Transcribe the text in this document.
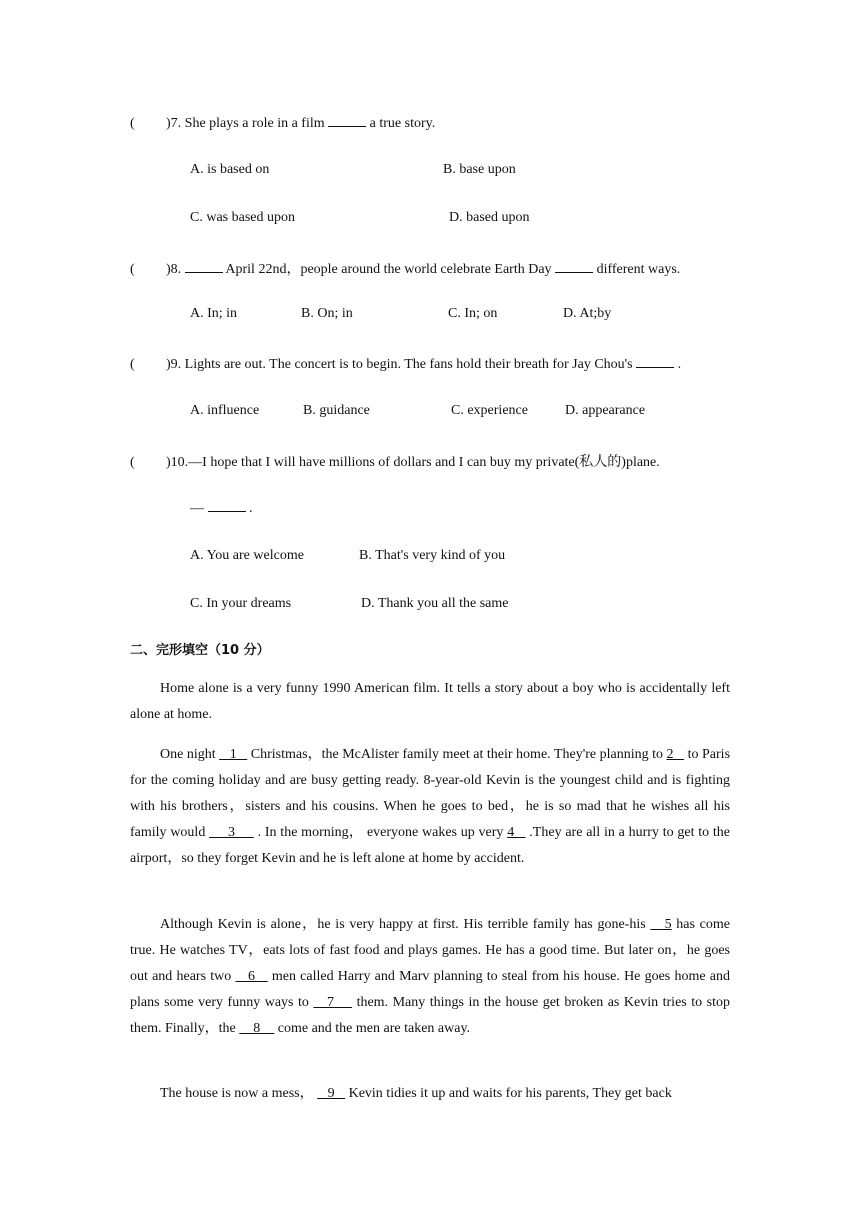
( )7. She plays a role in a film	a true story.
A. is based on	B. base upon
C. was based upon	D. based upon
( )8.	April 22nd，people around the world celebrate Earth Day	different ways.
A. In; in	B. On; in	C. In; on	D. At;by
( )9. Lights are out. The concert is to begin. The fans hold their breath for Jay Chou's	.
A. influence	B. guidance	C. experience	D. appearance
( )10.—I hope that I will have millions of dollars and I can buy my private(私人的)plane.
—	.
A. You are welcome	B. That's very kind of you
C. In your dreams	D. Thank you all the same
二、完形填空（10 分）
Home alone is a very funny 1990 American film. It tells a story about a boy who is accidentally left alone at home.
One night    1    Christmas，the McAlister family meet at their home. They're planning to 2    to Paris for the coming holiday and are busy getting ready. 8-year-old Kevin is the youngest child and is fighting with his brothers，sisters and his cousins. When he goes to bed，he is so mad that he wishes all his family would      3      . In the morning， everyone wakes up very 4    .They are all in a hurry to get to the airport，so they forget Kevin and he is left alone at home by accident.
Although Kevin is alone，he is very happy at first. His terrible family has gone-his    5 has come true. He watches TV，eats lots of fast food and plays games. He has a good time. But later on，he goes out and hears two    6    men called Harry and Marv planning to steal from his house. He goes home and plans some very funny ways to    7     them. Many things in the house get broken as Kevin tries to stop them. Finally，the     8     come and the men are taken away.
The house is now a mess，    9    Kevin tidies it up and waits for his parents, They get back
